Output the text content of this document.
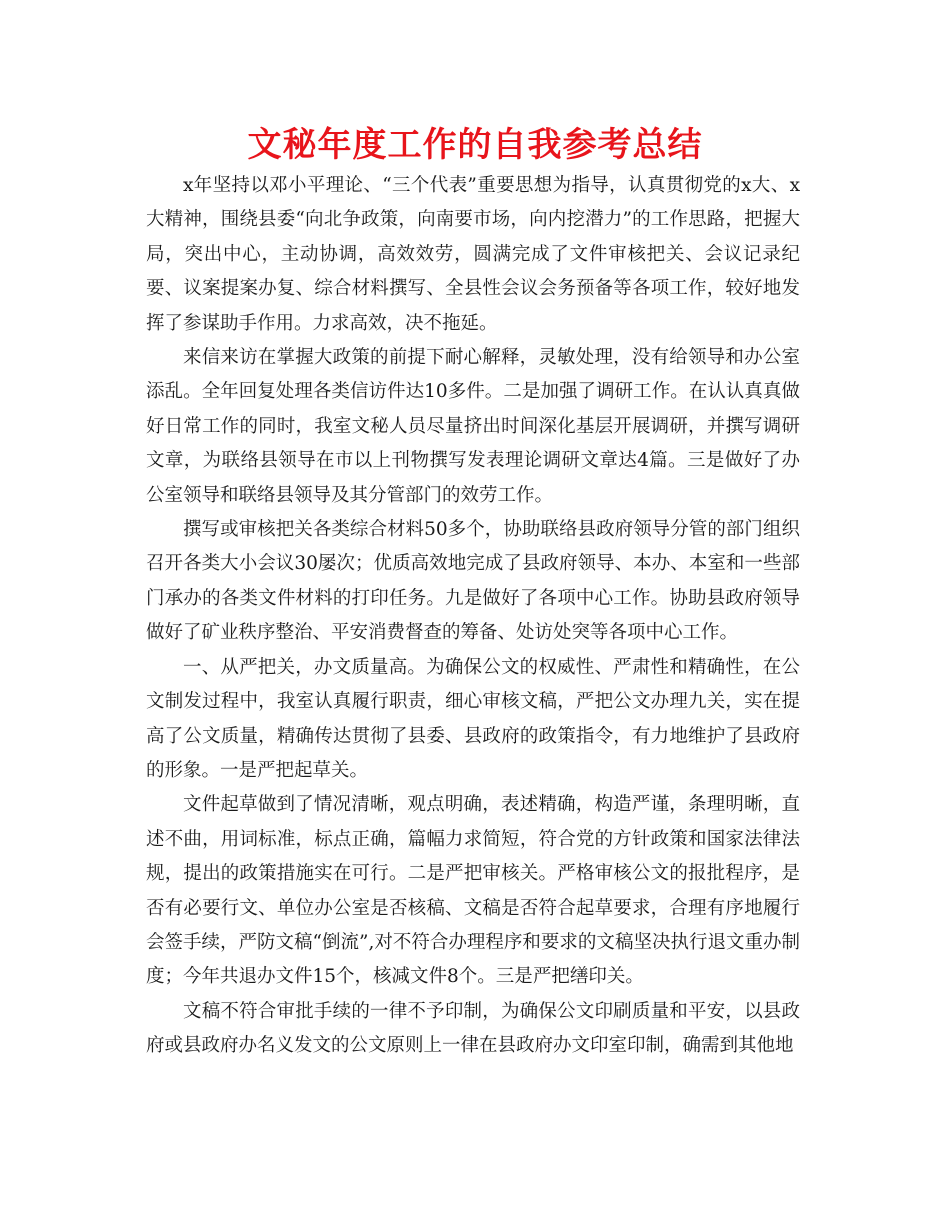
文秘年度工作的自我参考总结

x年坚持以邓小平理论、“三个代表”重要思想为指导，认真贯彻党的x大、x大精神，围绕县委“向北争政策，向南要市场，向内挖潜力”的工作思路，把握大局，突出中心，主动协调，高效效劳，圆满完成了文件审核把关、会议记录纪要、议案提案办复、综合材料撰写、全县性会议会务预备等各项工作，较好地发挥了参谋助手作用。力求高效，决不拖延。

来信来访在掌握大政策的前提下耐心解释，灵敏处理，没有给领导和办公室添乱。全年回复处理各类信访件达10多件。二是加强了调研工作。在认认真真做好日常工作的同时，我室文秘人员尽量挤出时间深化基层开展调研，并撰写调研文章，为联络县领导在市以上刊物撰写发表理论调研文章达4篇。三是做好了办公室领导和联络县领导及其分管部门的效劳工作。

撰写或审核把关各类综合材料50多个，协助联络县政府领导分管的部门组织召开各类大小会议30屡次；优质高效地完成了县政府领导、本办、本室和一些部门承办的各类文件材料的打印任务。九是做好了各项中心工作。协助县政府领导做好了矿业秩序整治、平安消费督查的筹备、处访处突等各项中心工作。

一、从严把关，办文质量高。为确保公文的权威性、严肃性和精确性，在公文制发过程中，我室认真履行职责，细心审核文稿，严把公文办理九关，实在提高了公文质量，精确传达贯彻了县委、县政府的政策指令，有力地维护了县政府的形象。一是严把起草关。

文件起草做到了情况清晰，观点明确，表述精确，构造严谨，条理明晰，直述不曲，用词标准，标点正确，篇幅力求简短，符合党的方针政策和国家法律法规，提出的政策措施实在可行。二是严把审核关。严格审核公文的报批程序，是否有必要行文、单位办公室是否核稿、文稿是否符合起草要求，合理有序地履行会签手续，严防文稿“倒流”,对不符合办理程序和要求的文稿坚决执行退文重办制度；今年共退办文件15个，核减文件8个。三是严把缮印关。

文稿不符合审批手续的一律不予印制，为确保公文印刷质量和平安，以县政府或县政府办名义发文的公文原则上一律在县政府办文印室印制，确需到其他地
